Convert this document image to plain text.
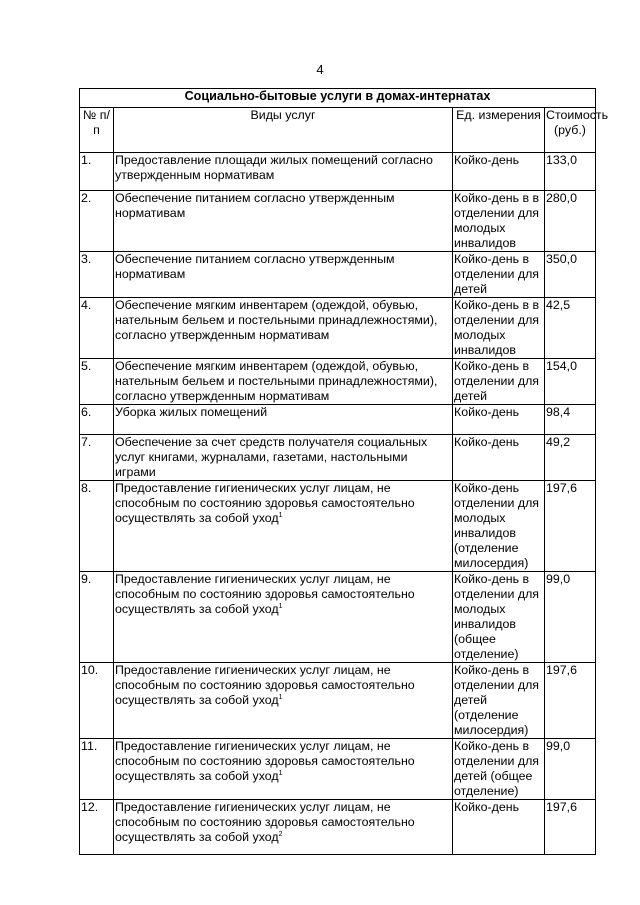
4
Социально-бытовые услуги в домах-интернатах			
№ п/п	Виды услуг	Ед. измерения	Стоимость (руб.)
1.	Предоставление площади жилых помещений согласно утвержденным нормативам	Койко-день	133,0
2.	Обеспечение питанием согласно утвержденным нормативам	Койко-день в в отделении для молодых инвалидов	280,0
3.	Обеспечение питанием согласно утвержденным нормативам	Койко-день в отделении для детей	350,0
4.	Обеспечение мягким инвентарем (одеждой, обувью, нательным бельем и постельными принадлежностями), согласно утвержденным нормативам	Койко-день в в отделении для молодых инвалидов	42,5
5.	Обеспечение мягким инвентарем (одеждой, обувью, нательным бельем и постельными принадлежностями), согласно утвержденным нормативам	Койко-день в отделении для детей	154,0
6.	Уборка жилых помещений	Койко-день	98,4
7.	Обеспечение за счет средств получателя социальных услуг книгами, журналами, газетами, настольными играми	Койко-день	49,2
8.	Предоставление гигиенических услуг лицам, не способным по состоянию здоровья самостоятельно осуществлять за собой уход$^1$	Койко-день отделении для молодых инвалидов (отделение милосердия)	197,6
9.	Предоставление гигиенических услуг лицам, не способным по состоянию здоровья самостоятельно осуществлять за собой уход$^1$	Койко-день в отделении для молодых инвалидов (общее отделение)	99,0
10.	Предоставление гигиенических услуг лицам, не способным по состоянию здоровья самостоятельно осуществлять за собой уход$^1$	Койко-день в отделении для детей (отделение милосердия)	197,6
11.	Предоставление гигиенических услуг лицам, не способным по состоянию здоровья самостоятельно осуществлять за собой уход$^1$	Койко-день в отделении для детей (общее отделение)	99,0
12.	Предоставление гигиенических услуг лицам, не способным по состоянию здоровья самостоятельно осуществлять за собой уход$^2$	Койко-день	197,6
